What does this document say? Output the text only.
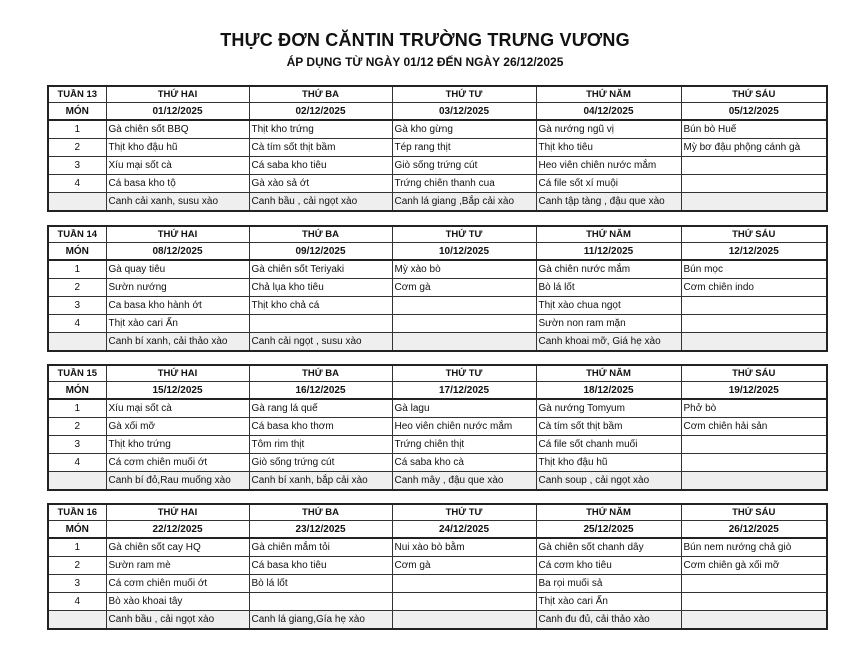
THỰC ĐƠN CĂNTIN TRƯỜNG TRƯNG VƯƠNG
ÁP DỤNG TỪ NGÀY 01/12 ĐẾN NGÀY 26/12/2025
TUẦN 13	THỨ HAI	THỨ BA	THỨ TƯ	THỨ NĂM	THỨ SÁU
MÓN	01/12/2025	02/12/2025	03/12/2025	04/12/2025	05/12/2025
1	Gà chiên sốt BBQ	Thịt kho trứng	Gà kho gừng	Gà nướng ngũ vị	Bún bò Huế
2	Thịt kho đậu hũ	Cà tím sốt thịt bầm	Tép rang thịt	Thịt kho tiêu	Mỳ bơ đậu phộng cánh gà
3	Xíu mại sốt cà	Cá saba kho tiêu	Giò sống trứng cút	Heo viên chiên nước mắm	
4	Cá basa kho tộ	Gà xào sả ớt	Trứng chiên thanh cua	Cá file sốt xí muội	
	Canh cải xanh, susu xào	Canh bầu , cải ngọt xào	Canh lá giang ,Bắp cải xào	Canh tập tàng , đậu que xào	
TUẦN 14	THỨ HAI	THỨ BA	THỨ TƯ	THỨ NĂM	THỨ SÁU
MÓN	08/12/2025	09/12/2025	10/12/2025	11/12/2025	12/12/2025
1	Gà quay tiêu	Gà chiên sốt Teriyaki	Mỳ xào bò	Gà chiên nước mắm	Bún mọc
2	Sườn nướng	Chả lụa kho tiêu	Cơm gà	Bò lá lốt	Cơm chiên indo
3	Ca basa kho hành ớt	Thịt kho chả cá		Thịt xào chua ngọt	
4	Thịt xào cari Ấn			Sườn non ram mặn	
	Canh bí xanh, cải thảo xào	Canh cải ngọt , susu xào		Canh khoai mỡ, Giá hẹ xào	
TUẦN 15	THỨ HAI	THỨ BA	THỨ TƯ	THỨ NĂM	THỨ SÁU
MÓN	15/12/2025	16/12/2025	17/12/2025	18/12/2025	19/12/2025
1	Xíu mại sốt cà	Gà rang lá quế	Gà lagu	Gà nướng Tomyum	Phở bò
2	Gà xối mỡ	Cá basa kho thơm	Heo viên chiên nước mắm	Cà tím sốt thịt bầm	Cơm chiên hải sản
3	Thịt kho trứng	Tôm rim thịt	Trứng chiên thịt	Cá file sốt chanh muối	
4	Cá cơm chiên muối ớt	Giò sống trứng cút	Cá saba kho cà	Thịt kho đậu hũ	
	Canh bí đỏ,Rau muống xào	Canh bí xanh, bắp cải xào	Canh mây , đậu que xào	Canh soup , cải ngọt xào	
TUẦN 16	THỨ HAI	THỨ BA	THỨ TƯ	THỨ NĂM	THỨ SÁU
MÓN	22/12/2025	23/12/2025	24/12/2025	25/12/2025	26/12/2025
1	Gà chiên sốt cay HQ	Gà chiên mắm tỏi	Nui xào bò bằm	Gà chiên sốt chanh dây	Bún nem nướng chả giò
2	Sườn ram mè	Cá basa kho tiêu	Cơm gà	Cá cơm kho tiêu	Cơm chiên gà xối mỡ
3	Cá cơm chiên muối ớt	Bò lá lốt		Ba rọi muối sả	
4	Bò xào khoai tây			Thịt xào cari Ấn	
	Canh bầu , cải ngọt xào	Canh lá giang,Gía hẹ xào		Canh đu đủ, cải thảo xào	
